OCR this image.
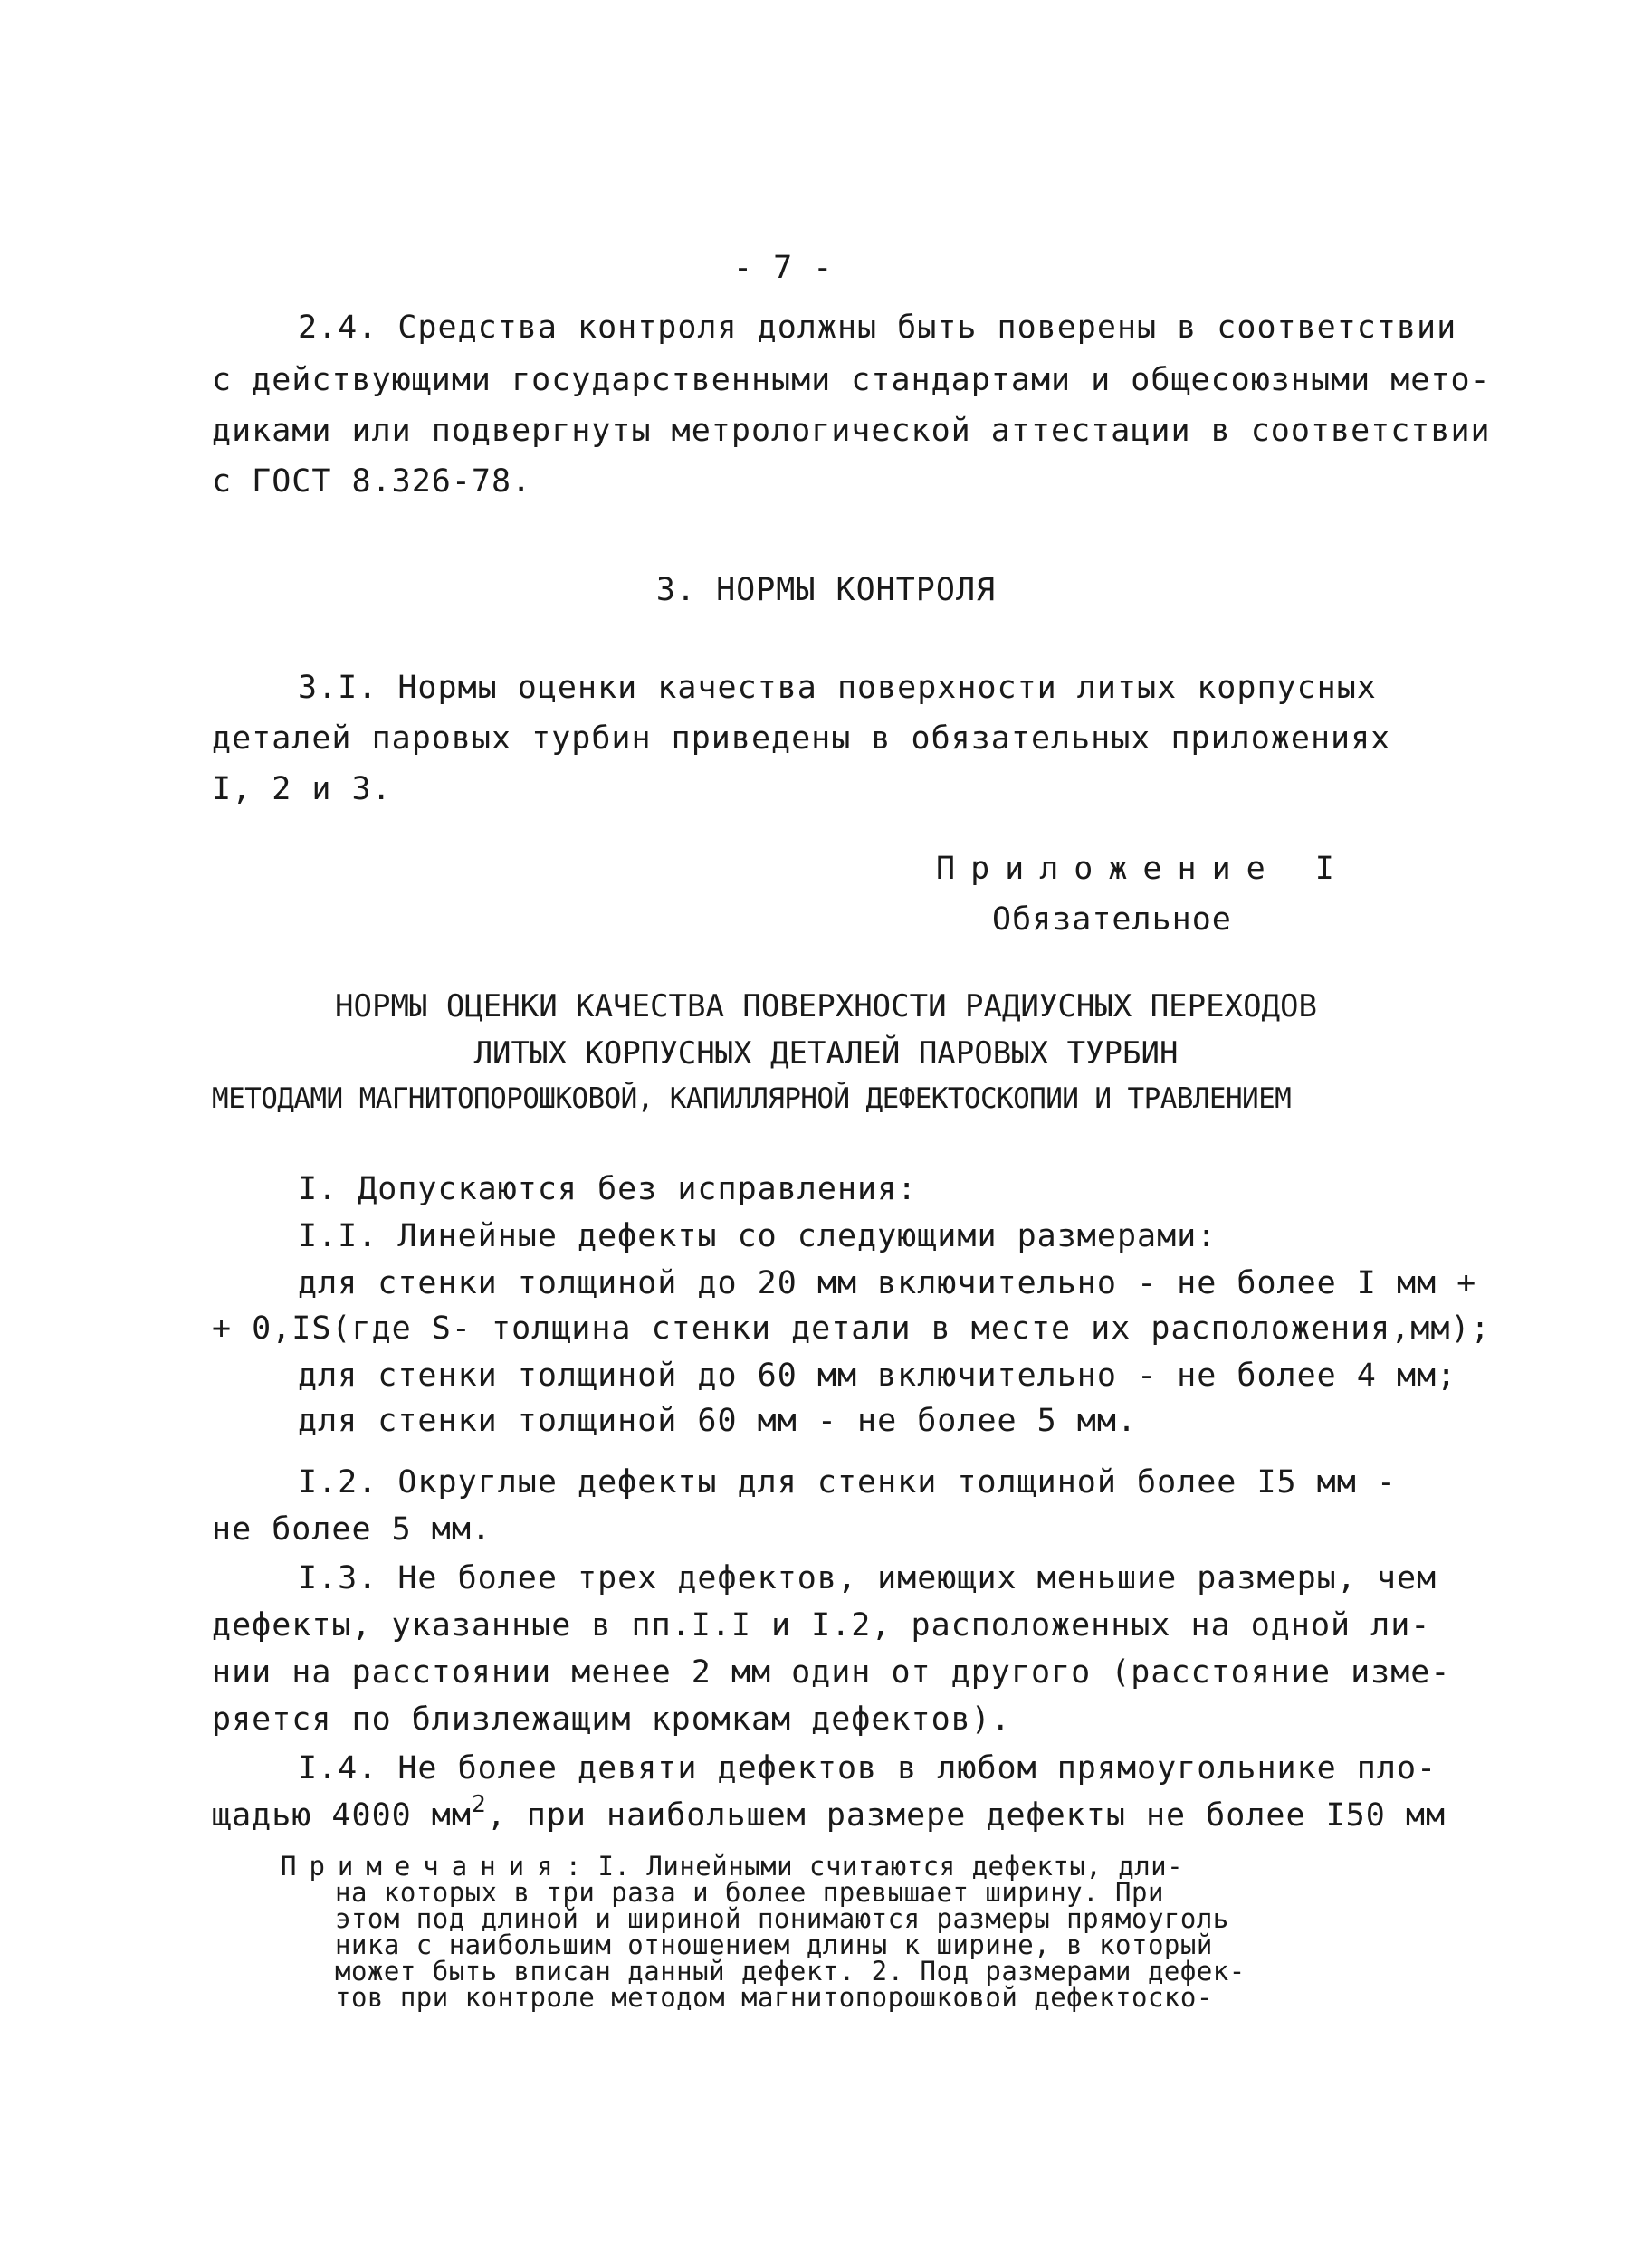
- 7 -
2.4. Средства контроля должны быть поверены в соответствии
с действующими государственными стандартами и общесоюзными мето-
диками или подвергнуты метрологической аттестации в соответствии
с ГОСТ 8.326-78.
3. НОРМЫ КОНТРОЛЯ
3.I. Нормы оценки качества поверхности литых корпусных
деталей паровых турбин приведены в обязательных приложениях
I, 2 и 3.
Приложение I
Обязательное
НОРМЫ ОЦЕНКИ КАЧЕСТВА ПОВЕРХНОСТИ РАДИУСНЫХ ПЕРЕХОДОВ
ЛИТЫХ КОРПУСНЫХ ДЕТАЛЕЙ ПАРОВЫХ ТУРБИН
МЕТОДАМИ МАГНИТОПОРОШКОВОЙ, КАПИЛЛЯРНОЙ ДЕФЕКТОСКОПИИ И ТРАВЛЕНИЕМ
I. Допускаются без исправления:
I.I. Линейные дефекты со следующими размерами:
для стенки толщиной до 20 мм включительно - не более I мм +
+ 0,IS(где S- толщина стенки детали в месте их расположения,мм);
для стенки толщиной до 60 мм включительно - не более 4 мм;
для стенки толщиной 60 мм - не более 5 мм.
I.2. Округлые дефекты для стенки толщиной более I5 мм -
не более 5 мм.
I.3. Не более трех дефектов, имеющих меньшие размеры, чем
дефекты, указанные в пп.I.I и I.2, расположенных на одной ли-
нии на расстоянии менее 2 мм один от другого (расстояние изме-
ряется по близлежащим кромкам дефектов).
I.4. Не более девяти дефектов в любом прямоугольнике пло-
щадью 4000 $мм^2$, при наибольшем размере дефекты не более I50 мм
Примечания: I. Линейными считаются дефекты, дли-
на которых в три раза и более превышает ширину. При
этом под длиной и шириной понимаются размеры прямоуголь
ника с наибольшим отношением длины к ширине, в который
может быть вписан данный дефект. 2. Под размерами дефек-
тов при контроле методом магнитопорошковой дефектоско-
